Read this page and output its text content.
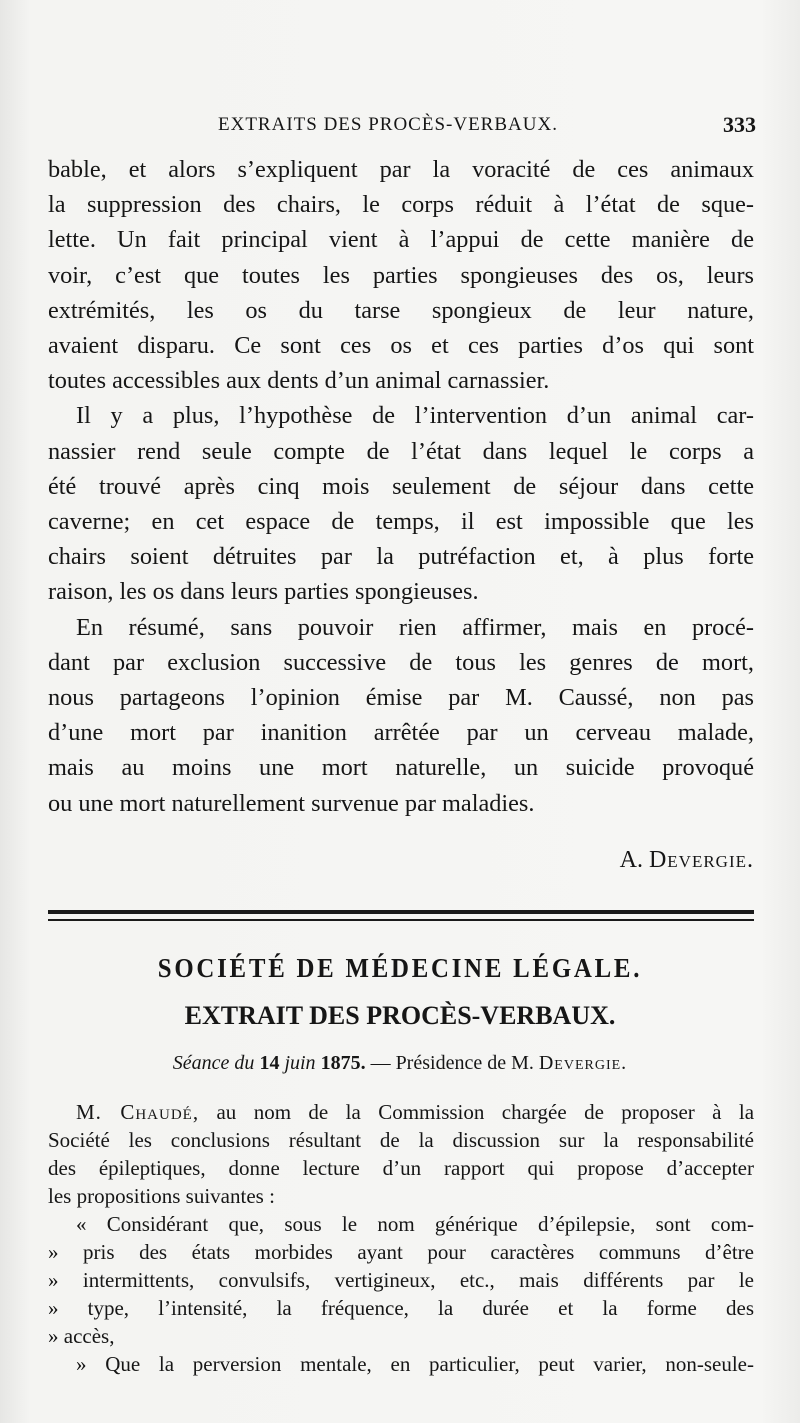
EXTRAITS DES PROCÈS-VERBAUX.	333

bable, et alors s’expliquent par la voracité de ces animaux

la suppression des chairs, le corps réduit à l’état de sque-

lette. Un fait principal vient à l’appui de cette manière de

voir, c’est que toutes les parties spongieuses des os, leurs

extrémités, les os du tarse spongieux de leur nature,

avaient disparu. Ce sont ces os et ces parties d’os qui sont

toutes accessibles aux dents d’un animal carnassier.

Il y a plus, l’hypothèse de l’intervention d’un animal car-

nassier rend seule compte de l’état dans lequel le corps a

été trouvé après cinq mois seulement de séjour dans cette

caverne; en cet espace de temps, il est impossible que les

chairs soient détruites par la putréfaction et, à plus forte

raison, les os dans leurs parties spongieuses.

En résumé, sans pouvoir rien affirmer, mais en procé-

dant par exclusion successive de tous les genres de mort,

nous partageons l’opinion émise par M. Caussé, non pas

d’une mort par inanition arrêtée par un cerveau malade,

mais au moins une mort naturelle, un suicide provoqué

ou une mort naturellement survenue par maladies.

A. Devergie.
SOCIÉTÉ DE MÉDECINE LÉGALE.
EXTRAIT DES PROCÈS-VERBAUX.
Séance du 14 juin 1875. — Présidence de M. Devergie.

M. Chaudé, au nom de la Commission chargée de proposer à la

Société les conclusions résultant de la discussion sur la responsabilité

des épileptiques, donne lecture d’un rapport qui propose d’accepter

les propositions suivantes :

« Considérant que, sous le nom générique d’épilepsie, sont com-

» pris des états morbides ayant pour caractères communs d’être

» intermittents, convulsifs, vertigineux, etc., mais différents par le

» type, l’intensité, la fréquence, la durée et la forme des

» accès,

» Que la perversion mentale, en particulier, peut varier, non-seule-
